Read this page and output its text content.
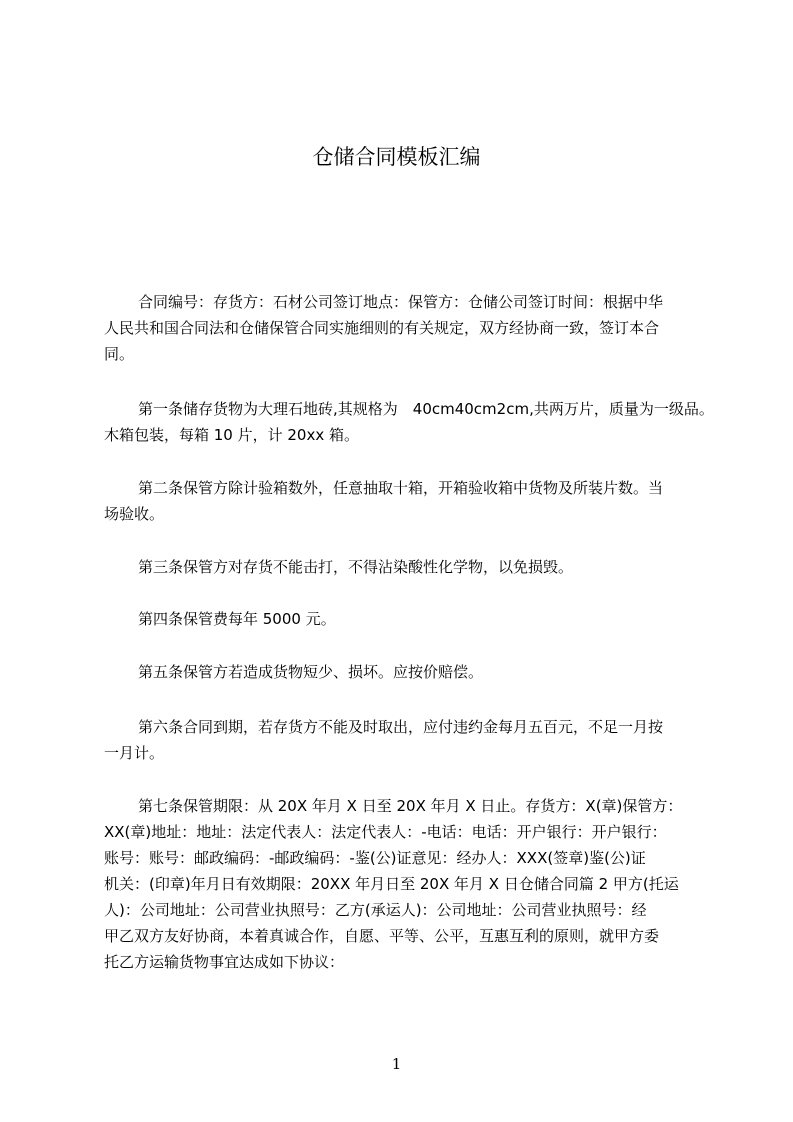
仓储合同模板汇编
合同编号：存货方：石材公司签订地点：保管方：仓储公司签订时间：根据中华
人民共和国合同法和仓储保管合同实施细则的有关规定，双方经协商一致，签订本合
同。
第一条储存货物为大理石地砖,其规格为　40cm40cm2cm,共两万片，质量为一级品。
木箱包装，每箱 10 片，计 20xx 箱。
第二条保管方除计验箱数外，任意抽取十箱，开箱验收箱中货物及所装片数。当
场验收。
第三条保管方对存货不能击打，不得沾染酸性化学物，以免损毁。
第四条保管费每年 5000 元。
第五条保管方若造成货物短少、损坏。应按价赔偿。
第六条合同到期，若存货方不能及时取出，应付违约金每月五百元，不足一月按
一月计。
第七条保管期限：从 20X 年月 X 日至 20X 年月 X 日止。存货方：X(章)保管方：
XX(章)地址：地址：法定代表人：法定代表人：-电话：电话：开户银行：开户银行：
账号：账号：邮政编码：-邮政编码：-鉴(公)证意见：经办人：XXX(签章)鉴(公)证
机关：(印章)年月日有效期限：20XX 年月日至 20X 年月 X 日仓储合同篇 2 甲方(托运
人)：公司地址：公司营业执照号：乙方(承运人)：公司地址：公司营业执照号：经
甲乙双方友好协商，本着真诚合作，自愿、平等、公平，互惠互利的原则，就甲方委
托乙方运输货物事宜达成如下协议：
1
